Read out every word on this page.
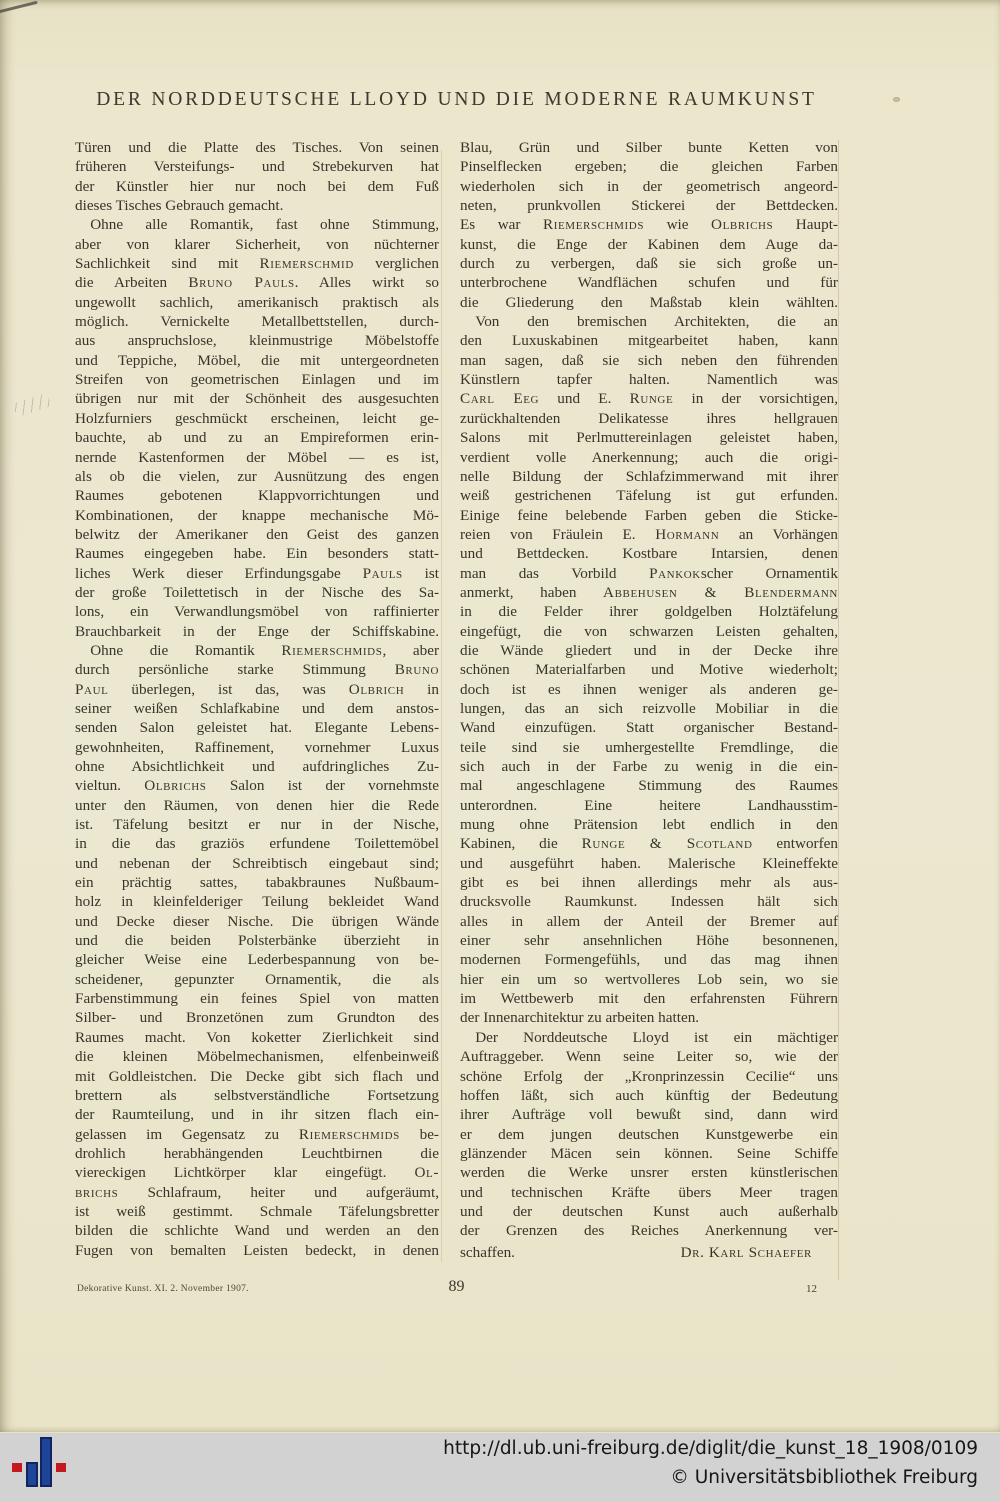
DER NORDDEUTSCHE LLOYD UND DIE MODERNE RAUMKUNST
Türen und die Platte des Tisches. Von seinen
früheren Versteifungs- und Strebekurven hat
der Künstler hier nur noch bei dem Fuß
dieses Tisches Gebrauch gemacht.
 Ohne alle Romantik, fast ohne Stimmung,
aber von klarer Sicherheit, von nüchterner
Sachlichkeit sind mit Riemerschmid verglichen
die Arbeiten Bruno Pauls. Alles wirkt so
ungewollt sachlich, amerikanisch praktisch als
möglich. Vernickelte Metallbettstellen, durch-
aus anspruchslose, kleinmustrige Möbelstoffe
und Teppiche, Möbel, die mit untergeordneten
Streifen von geometrischen Einlagen und im
übrigen nur mit der Schönheit des ausgesuchten
Holzfurniers geschmückt erscheinen, leicht ge-
bauchte, ab und zu an Empireformen erin-
nernde Kastenformen der Möbel — es ist,
als ob die vielen, zur Ausnützung des engen
Raumes gebotenen Klappvorrichtungen und
Kombinationen, der knappe mechanische Mö-
belwitz der Amerikaner den Geist des ganzen
Raumes eingegeben habe. Ein besonders statt-
liches Werk dieser Erfindungsgabe Pauls ist
der große Toilettetisch in der Nische des Sa-
lons, ein Verwandlungsmöbel von raffinierter
Brauchbarkeit in der Enge der Schiffskabine.
 Ohne die Romantik Riemerschmids, aber
durch persönliche starke Stimmung Bruno
Paul überlegen, ist das, was Olbrich in
seiner weißen Schlafkabine und dem anstos-
senden Salon geleistet hat. Elegante Lebens-
gewohnheiten, Raffinement, vornehmer Luxus
ohne Absichtlichkeit und aufdringliches Zu-
vieltun. Olbrichs Salon ist der vornehmste
unter den Räumen, von denen hier die Rede
ist. Täfelung besitzt er nur in der Nische,
in die das graziös erfundene Toilettemöbel
und nebenan der Schreibtisch eingebaut sind;
ein prächtig sattes, tabakbraunes Nußbaum-
holz in kleinfelderiger Teilung bekleidet Wand
und Decke dieser Nische. Die übrigen Wände
und die beiden Polsterbänke überzieht in
gleicher Weise eine Lederbespannung von be-
scheidener, gepunzter Ornamentik, die als
Farbenstimmung ein feines Spiel von matten
Silber- und Bronzetönen zum Grundton des
Raumes macht. Von koketter Zierlichkeit sind
die kleinen Möbelmechanismen, elfenbeinweiß
mit Goldleistchen. Die Decke gibt sich flach und
brettern als selbstverständliche Fortsetzung
der Raumteilung, und in ihr sitzen flach ein-
gelassen im Gegensatz zu Riemerschmids be-
drohlich herabhängenden Leuchtbirnen die
viereckigen Lichtkörper klar eingefügt. Ol-
brichs Schlafraum, heiter und aufgeräumt,
ist weiß gestimmt. Schmale Täfelungsbretter
bilden die schlichte Wand und werden an den
Fugen von bemalten Leisten bedeckt, in denen
Blau, Grün und Silber bunte Ketten von
Pinselflecken ergeben; die gleichen Farben
wiederholen sich in der geometrisch angeord-
neten, prunkvollen Stickerei der Bettdecken.
Es war Riemerschmids wie Olbrichs Haupt-
kunst, die Enge der Kabinen dem Auge da-
durch zu verbergen, daß sie sich große un-
unterbrochene Wandflächen schufen und für
die Gliederung den Maßstab klein wählten.
 Von den bremischen Architekten, die an
den Luxuskabinen mitgearbeitet haben, kann
man sagen, daß sie sich neben den führenden
Künstlern tapfer halten. Namentlich was
Carl Eeg und E. Runge in der vorsichtigen,
zurückhaltenden Delikatesse ihres hellgrauen
Salons mit Perlmuttereinlagen geleistet haben,
verdient volle Anerkennung; auch die origi-
nelle Bildung der Schlafzimmerwand mit ihrer
weiß gestrichenen Täfelung ist gut erfunden.
Einige feine belebende Farben geben die Sticke-
reien von Fräulein E. Hormann an Vorhängen
und Bettdecken. Kostbare Intarsien, denen
man das Vorbild Pankokscher Ornamentik
anmerkt, haben Abbehusen & Blendermann
in die Felder ihrer goldgelben Holztäfelung
eingefügt, die von schwarzen Leisten gehalten,
die Wände gliedert und in der Decke ihre
schönen Materialfarben und Motive wiederholt;
doch ist es ihnen weniger als anderen ge-
lungen, das an sich reizvolle Mobiliar in die
Wand einzufügen. Statt organischer Bestand-
teile sind sie umhergestellte Fremdlinge, die
sich auch in der Farbe zu wenig in die ein-
mal angeschlagene Stimmung des Raumes
unterordnen. Eine heitere Landhausstim-
mung ohne Prätension lebt endlich in den
Kabinen, die Runge & Scotland entworfen
und ausgeführt haben. Malerische Kleineffekte
gibt es bei ihnen allerdings mehr als aus-
drucksvolle Raumkunst. Indessen hält sich
alles in allem der Anteil der Bremer auf
einer sehr ansehnlichen Höhe besonnenen,
modernen Formengefühls, und das mag ihnen
hier ein um so wertvolleres Lob sein, wo sie
im Wettbewerb mit den erfahrensten Führern
der Innenarchitektur zu arbeiten hatten.
 Der Norddeutsche Lloyd ist ein mächtiger
Auftraggeber. Wenn seine Leiter so, wie der
schöne Erfolg der „Kronprinzessin Cecilie“ uns
hoffen läßt, sich auch künftig der Bedeutung
ihrer Aufträge voll bewußt sind, dann wird
er dem jungen deutschen Kunstgewerbe ein
glänzender Mäcen sein können. Seine Schiffe
werden die Werke unsrer ersten künstlerischen
und technischen Kräfte übers Meer tragen
und der deutschen Kunst auch außerhalb
der Grenzen des Reiches Anerkennung ver-
schaffen.	Dr. Karl Schaefer
Dekorative Kunst. XI. 2. November 1907.	89	12
http://dl.ub.uni-freiburg.de/diglit/die_kunst_18_1908/0109
© Universitätsbibliothek Freiburg
